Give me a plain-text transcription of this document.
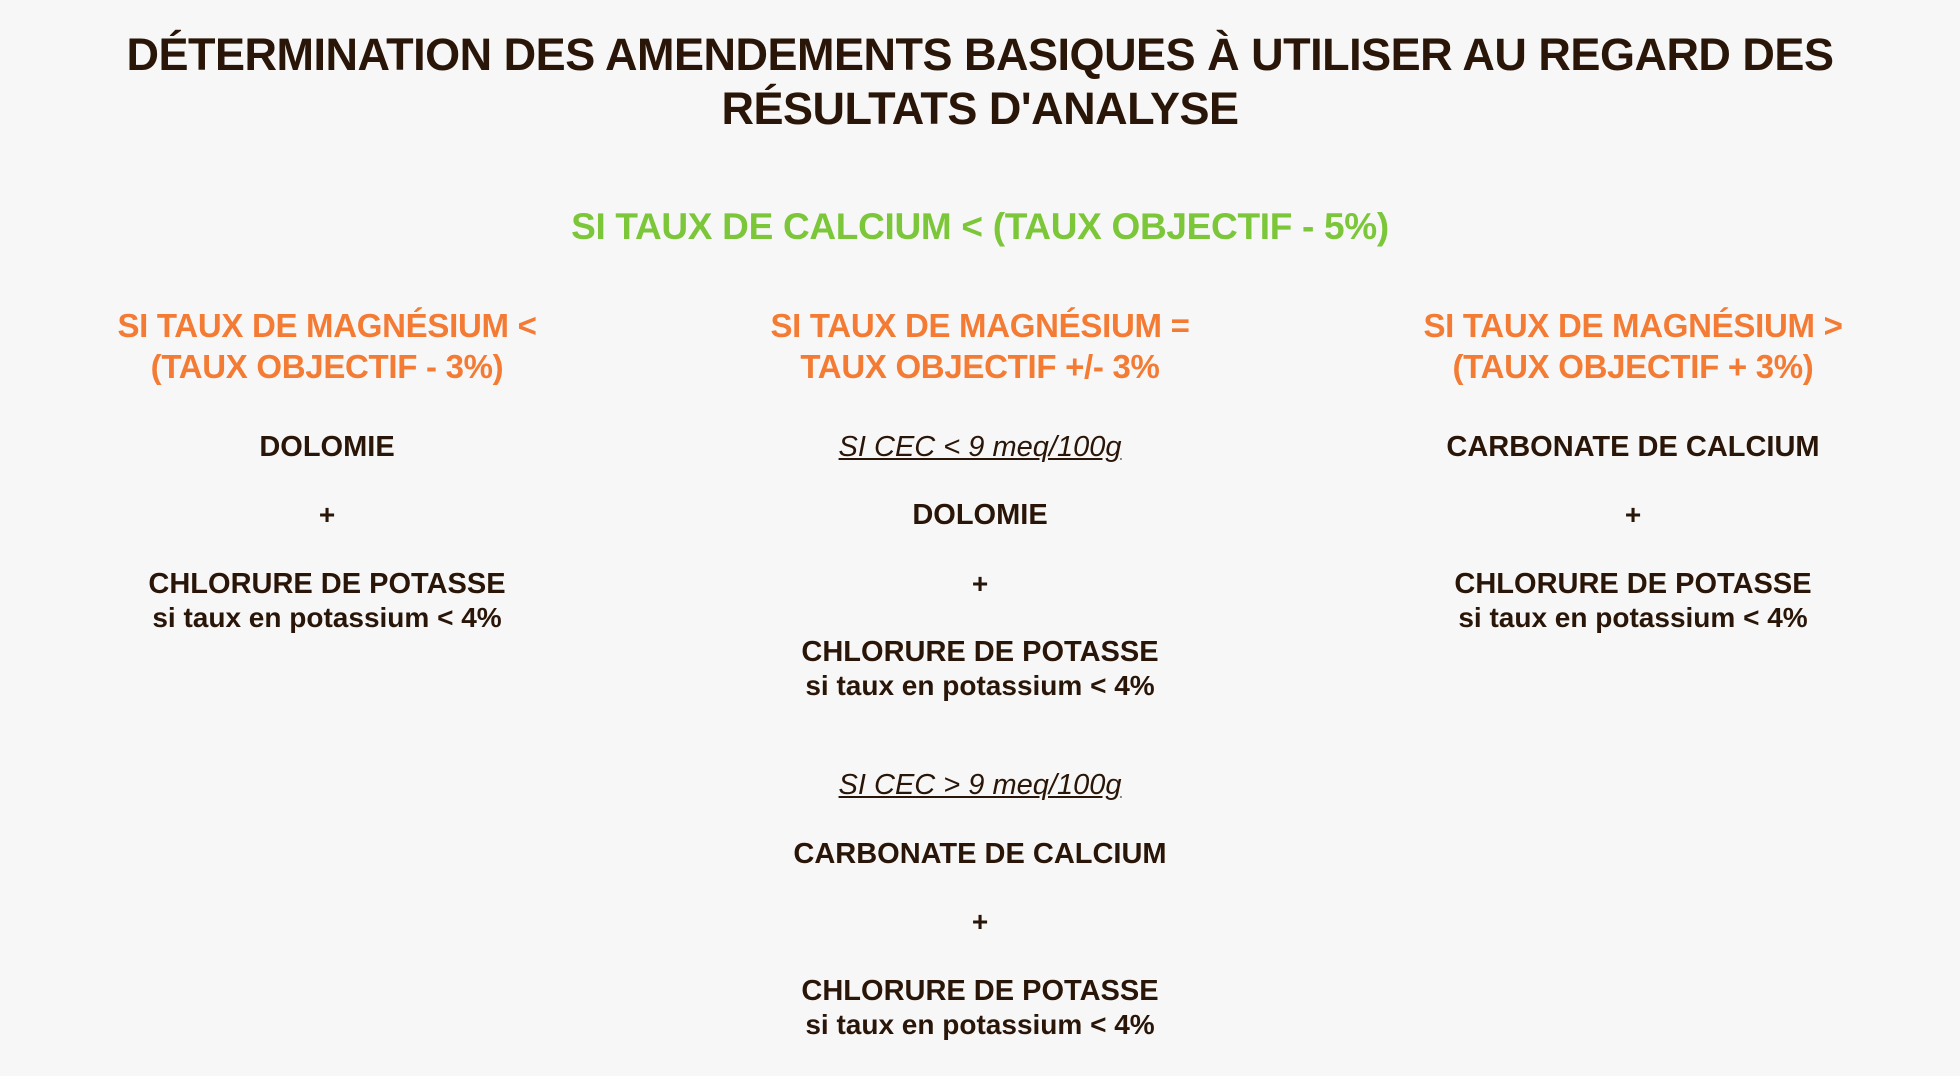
DÉTERMINATION DES AMENDEMENTS BASIQUES À UTILISER AU REGARD DES
RÉSULTATS D'ANALYSE
SI TAUX DE CALCIUM < (TAUX OBJECTIF - 5%)
SI TAUX DE MAGNÉSIUM <
(TAUX OBJECTIF - 3%)
DOLOMIE
+
CHLORURE DE POTASSE
si taux en potassium < 4%
SI TAUX DE MAGNÉSIUM =
TAUX OBJECTIF +/- 3%
SI CEC < 9 meq/100g
DOLOMIE
+
CHLORURE DE POTASSE
si taux en potassium < 4%
SI CEC > 9 meq/100g
CARBONATE DE CALCIUM
+
CHLORURE DE POTASSE
si taux en potassium < 4%
SI TAUX DE MAGNÉSIUM >
(TAUX OBJECTIF + 3%)
CARBONATE DE CALCIUM
+
CHLORURE DE POTASSE
si taux en potassium < 4%
